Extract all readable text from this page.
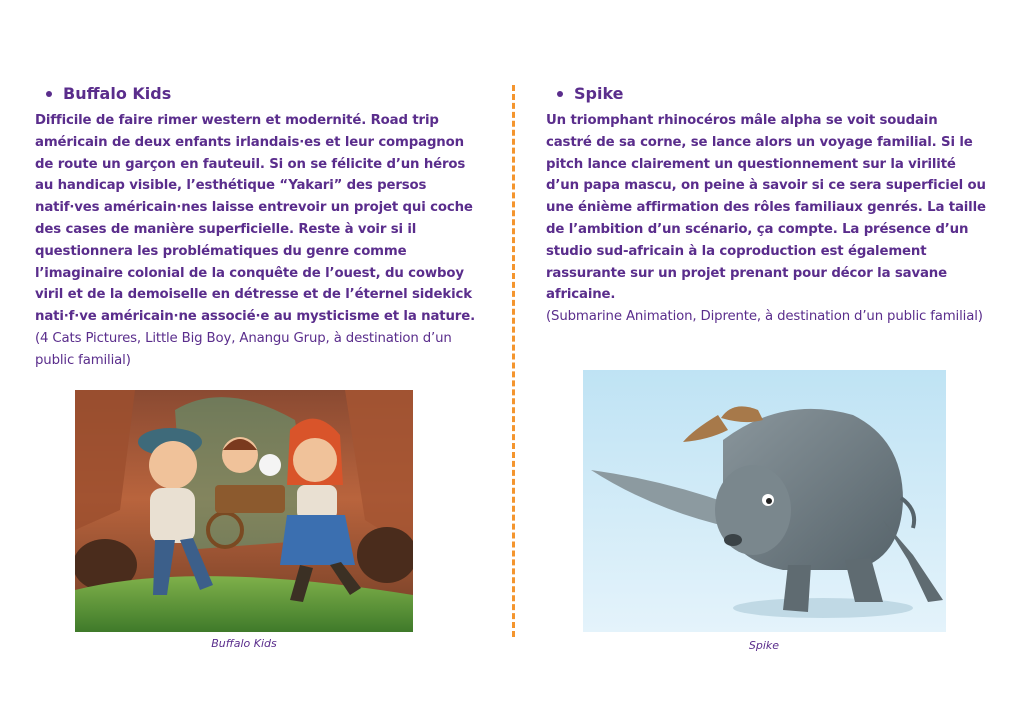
Buffalo Kids

Difficile de faire rimer western et modernité. Road trip américain de deux enfants irlandais·es et leur compagnon de route un garçon en fauteuil. Si on se félicite d’un héros au handicap visible, l’esthétique “Yakari” des persos natif·ves américain·nes laisse entrevoir un projet qui coche des cases de manière superficielle. Reste à voir si il questionnera les problématiques du genre comme l’imaginaire colonial de la conquête de l’ouest, du cowboy viril et de la demoiselle en détresse et de l’éternel sidekick nati·f·ve américain·ne associé·e au mysticisme et la nature.

(4 Cats Pictures, Little Big Boy, Anangu Grup, à destination d’un public familial)

Spike

Un triomphant rhinocéros mâle alpha se voit soudain castré de sa corne, se lance alors un voyage familial. Si le pitch lance clairement un questionnement sur la virilité d’un papa mascu, on peine à savoir si ce sera superficiel ou une énième affirmation des rôles familiaux genrés. La taille de l’ambition d’un scénario, ça compte. La présence d’un studio sud-africain à la coproduction est également rassurante sur un projet prenant pour décor la savane africaine.

(Submarine Animation, Diprente, à destination d’un public familial)

Buffalo Kids	Spike
